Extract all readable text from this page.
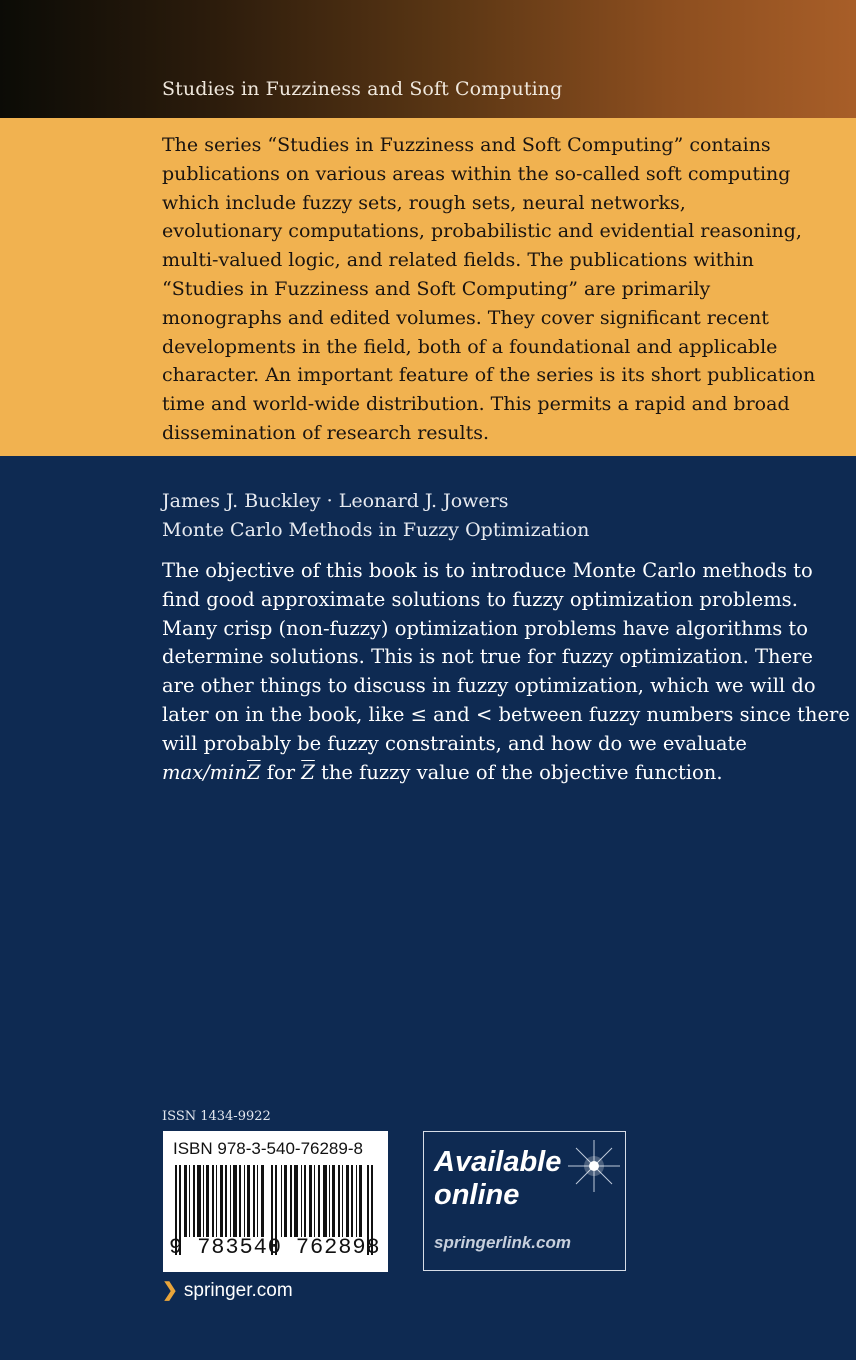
Studies in Fuzziness and Soft Computing
The series “Studies in Fuzziness and Soft Computing” contains
publications on various areas within the so-called soft computing
which include fuzzy sets, rough sets, neural networks,
evolutionary computations, probabilistic and evidential reasoning,
multi-valued logic, and related fields. The publications within
“Studies in Fuzziness and Soft Computing” are primarily
monographs and edited volumes. They cover significant recent
developments in the field, both of a foundational and applicable
character. An important feature of the series is its short publication
time and world-wide distribution. This permits a rapid and broad
dissemination of research results.
James J. Buckley · Leonard J. Jowers
Monte Carlo Methods in Fuzzy Optimization
The objective of this book is to introduce Monte Carlo methods to
find good approximate solutions to fuzzy optimization problems.
Many crisp (non-fuzzy) optimization problems have algorithms to
determine solutions. This is not true for fuzzy optimization. There
are other things to discuss in fuzzy optimization, which we will do
later on in the book, like ≤ and < between fuzzy numbers since there
will probably be fuzzy constraints, and how do we evaluate
$\max/\min\overline{Z}$ for $\overline{Z}$ the fuzzy value of the objective function.
ISSN 1434-9922
ISBN 978-3-540-76289-8
9 783540 762898
Available
online
springerlink.com
❯ springer.com
